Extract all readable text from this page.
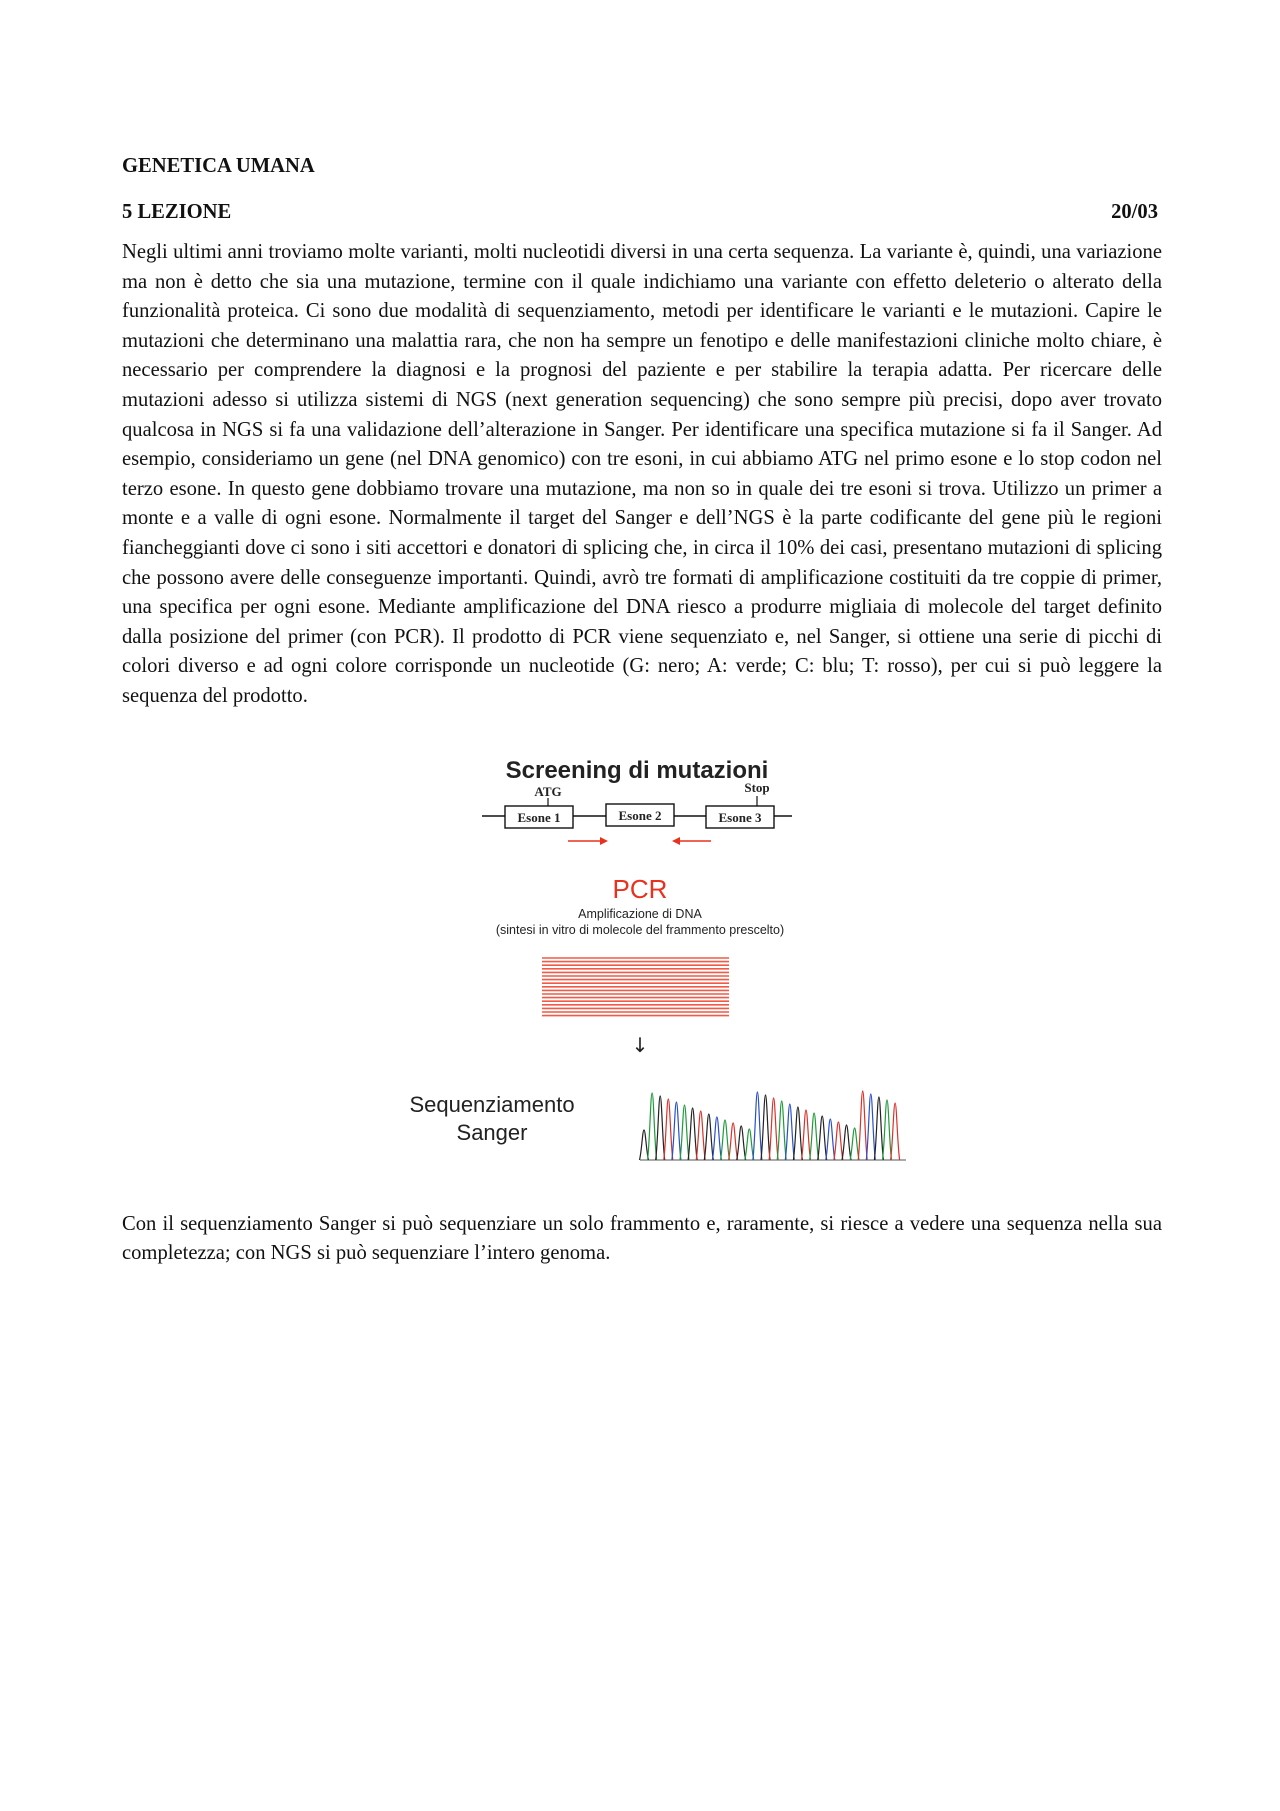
GENETICA UMANA
5 LEZIONE	20/03

Negli ultimi anni troviamo molte varianti, molti nucleotidi diversi in una certa sequenza. La variante è, quindi, una variazione ma non è detto che sia una mutazione, termine con il quale indichiamo una variante con effetto deleterio o alterato della funzionalità proteica. Ci sono due modalità di sequenziamento, metodi per identificare le varianti e le mutazioni. Capire le mutazioni che determinano una malattia rara, che non ha sempre un fenotipo e delle manifestazioni cliniche molto chiare, è necessario per comprendere la diagnosi e la prognosi del paziente e per stabilire la terapia adatta. Per ricercare delle mutazioni adesso si utilizza sistemi di NGS (next generation sequencing) che sono sempre più precisi, dopo aver trovato qualcosa in NGS si fa una validazione dell’alterazione in Sanger. Per identificare una specifica mutazione si fa il Sanger. Ad esempio, consideriamo un gene (nel DNA genomico) con tre esoni, in cui abbiamo ATG nel primo esone e lo stop codon nel terzo esone. In questo gene dobbiamo trovare una mutazione, ma non so in quale dei tre esoni si trova. Utilizzo un primer a monte e a valle di ogni esone. Normalmente il target del Sanger e dell’NGS è la parte codificante del gene più le regioni fiancheggianti dove ci sono i siti accettori e donatori di splicing che, in circa il 10% dei casi, presentano mutazioni di splicing che possono avere delle conseguenze importanti. Quindi, avrò tre formati di amplificazione costituiti da tre coppie di primer, una specifica per ogni esone. Mediante amplificazione del DNA riesco a produrre migliaia di molecole del target definito dalla posizione del primer (con PCR). Il prodotto di PCR viene sequenziato e, nel Sanger, si ottiene una serie di picchi di colori diverso e ad ogni colore corrisponde un nucleotide (G: nero; A: verde; C: blu; T: rosso), per cui si può leggere la sequenza del prodotto.

Screening di mutazioni
ATG	Stop
Esone 1	Esone 2	Esone 3
PCR
Amplificazione di DNA
(sintesi in vitro di molecole del frammento prescelto)
↓
Sequenziamento
Sanger

Con il sequenziamento Sanger si può sequenziare un solo frammento e, raramente, si riesce a vedere una sequenza nella sua completezza; con NGS si può sequenziare l’intero genoma.
